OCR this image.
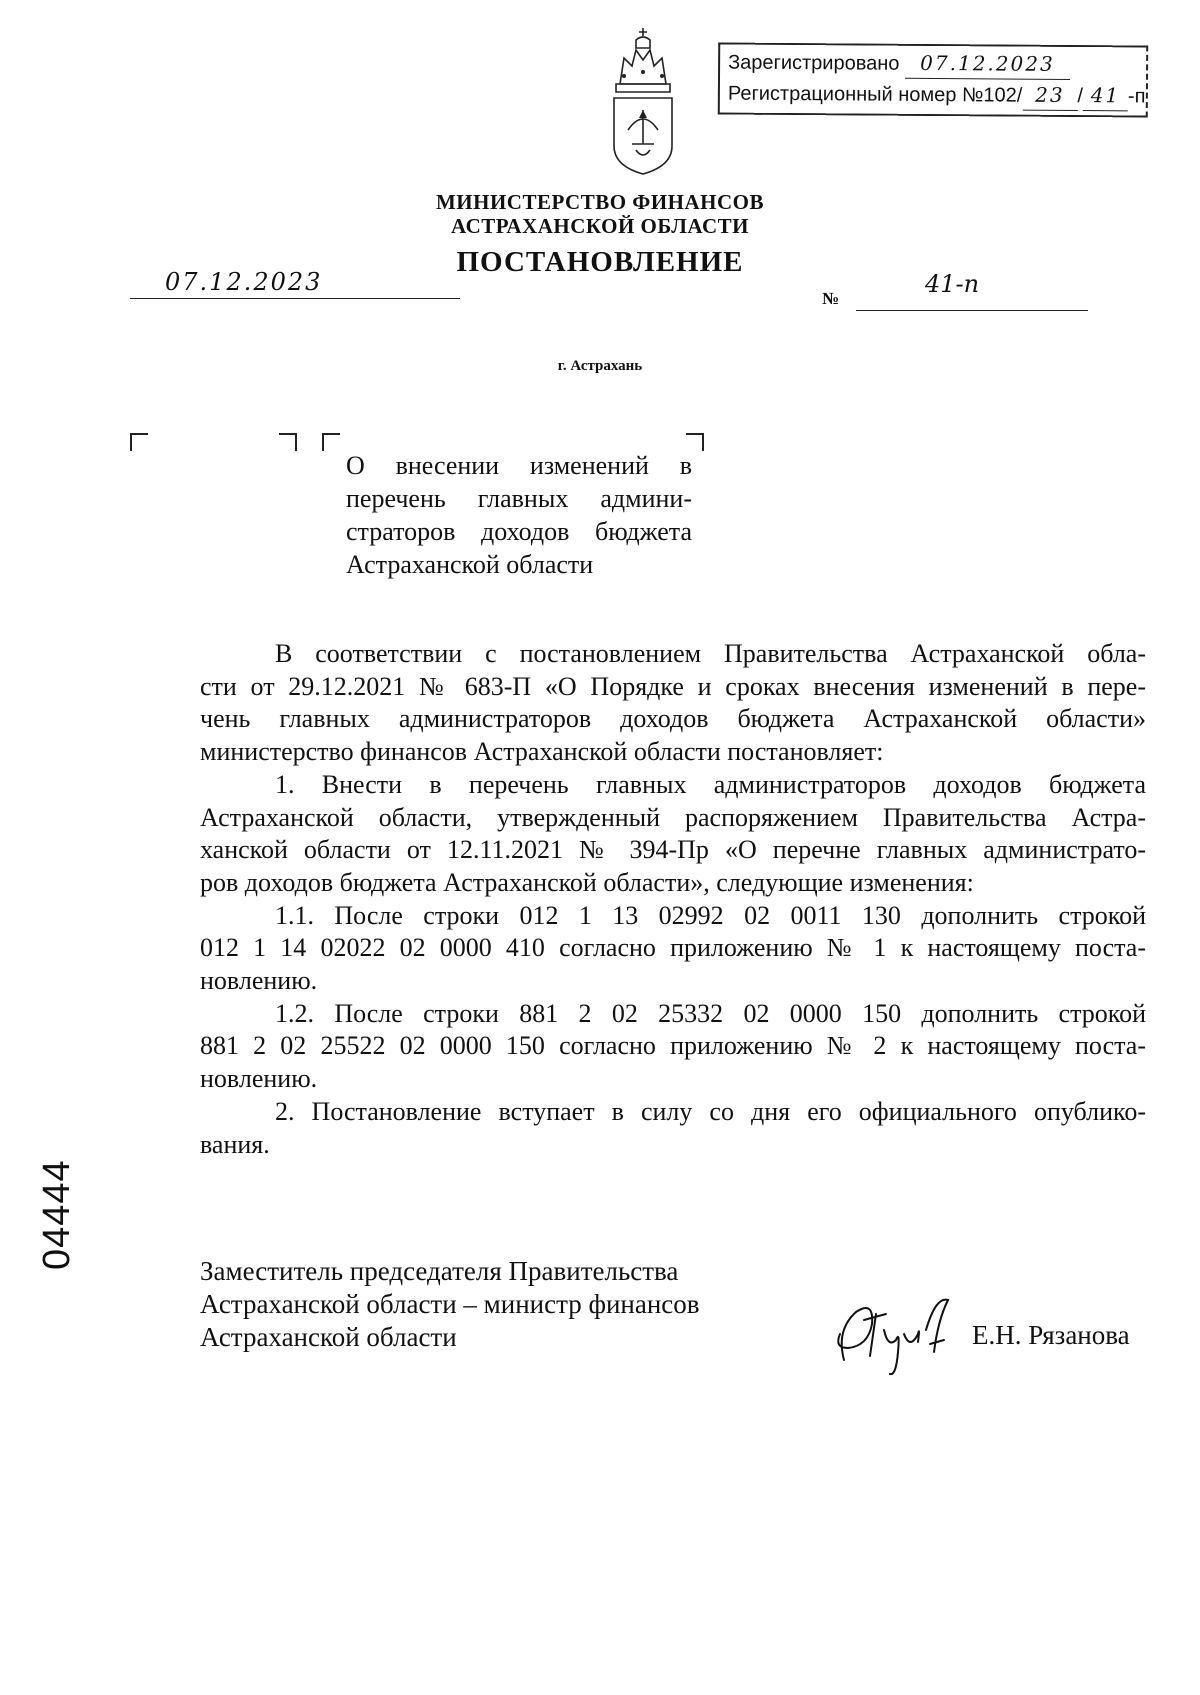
Зарегистрировано 07.12.2023
Регистрационный номер №102/ 23 / 41 -п
МИНИСТЕРСТВО ФИНАНСОВ
АСТРАХАНСКОЙ ОБЛАСТИ
ПОСТАНОВЛЕНИЕ
07.12.2023
№
41-п
г. Астрахань
О внесении изменений в
перечень главных админи-
страторов доходов бюджета
Астраханской области
В соответствии с постановлением Правительства Астраханской обла-
сти от 29.12.2021 № 683-П «О Порядке и сроках внесения изменений в пере-
чень главных администраторов доходов бюджета Астраханской области»
министерство финансов Астраханской области постановляет:
1. Внести в перечень главных администраторов доходов бюджета
Астраханской области, утвержденный распоряжением Правительства Астра-
ханской области от 12.11.2021 № 394-Пр «О перечне главных администрато-
ров доходов бюджета Астраханской области», следующие изменения:
1.1. После строки 012 1 13 02992 02 0011 130 дополнить строкой
012 1 14 02022 02 0000 410 согласно приложению № 1 к настоящему поста-
новлению.
1.2. После строки 881 2 02 25332 02 0000 150 дополнить строкой
881 2 02 25522 02 0000 150 согласно приложению № 2 к настоящему поста-
новлению.
2. Постановление вступает в силу со дня его официального опублико-
вания.
Заместитель председателя Правительства
Астраханской области – министр финансов
Астраханской области	Е.Н. Рязанова
04444
